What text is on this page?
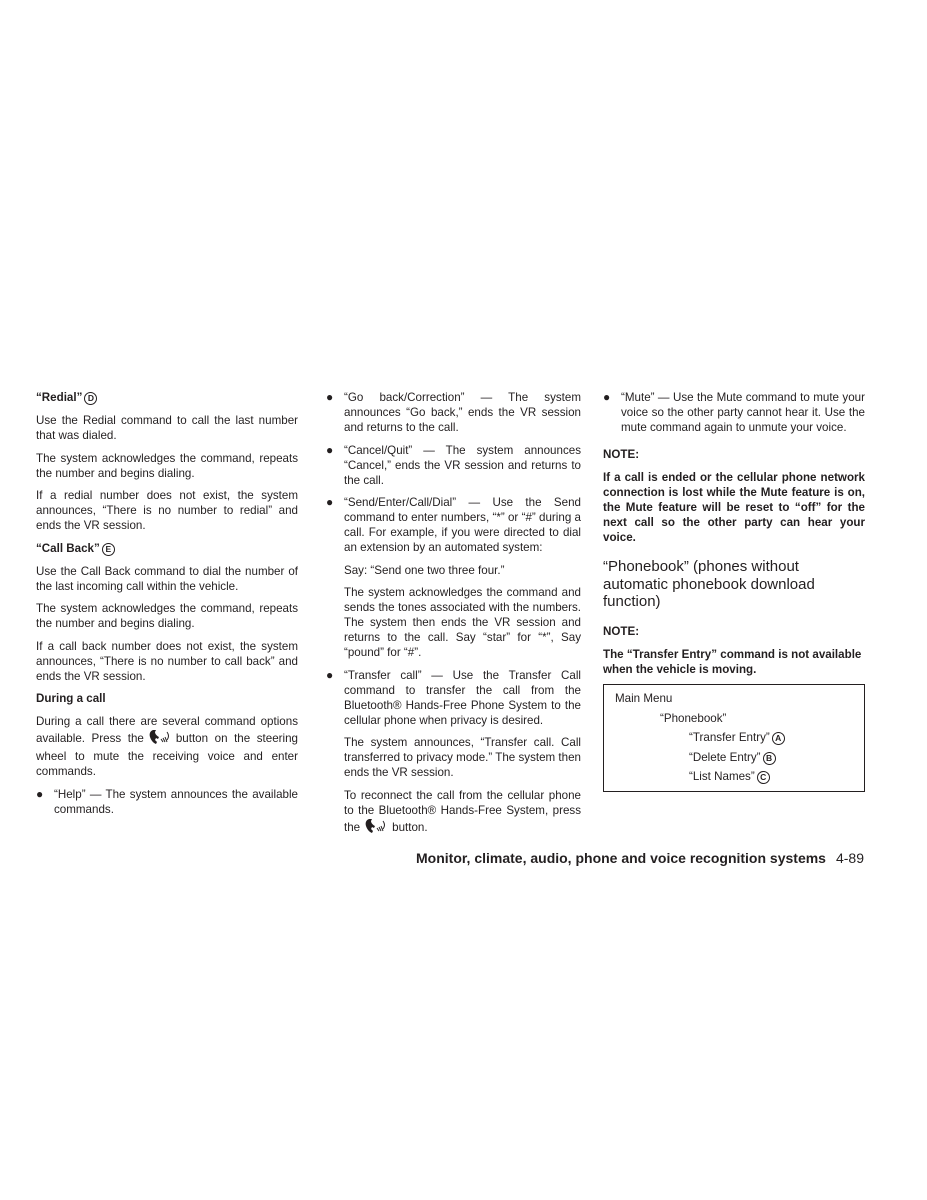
“Redial” D

Use the Redial command to call the last number that was dialed.

The system acknowledges the command, repeats the number and begins dialing.

If a redial number does not exist, the system announces, “There is no number to redial” and ends the VR session.

“Call Back” E

Use the Call Back command to dial the number of the last incoming call within the vehicle.

The system acknowledges the command, repeats the number and begins dialing.

If a call back number does not exist, the system announces, “There is no number to call back” and ends the VR session.

During a call

During a call there are several command options available. Press the	button on the steering wheel to mute the receiving voice and enter commands.

● “Help” — The system announces the available commands.
● “Go back/Correction” — The system announces “Go back,” ends the VR session and returns to the call.
● “Cancel/Quit” — The system announces “Cancel,” ends the VR session and returns to the call.
● “Send/Enter/Call/Dial” — Use the Send command to enter numbers, “*” or “#” during a call. For example, if you were directed to dial an extension by an automated system:

Say: “Send one two three four.”

The system acknowledges the command and sends the tones associated with the numbers. The system then ends the VR session and returns to the call. Say “star” for “*”, Say “pound” for “#”.

● “Transfer call” — Use the Transfer Call command to transfer the call from the Bluetooth® Hands-Free Phone System to the cellular phone when privacy is desired.

The system announces, “Transfer call. Call transferred to privacy mode.” The system then ends the VR session.

To reconnect the call from the cellular phone to the Bluetooth® Hands-Free System, press the	button.

● “Mute” — Use the Mute command to mute your voice so the other party cannot hear it. Use the mute command again to unmute your voice.
NOTE:

If a call is ended or the cellular phone network connection is lost while the Mute feature is on, the Mute feature will be reset to “off” for the next call so the other party can hear your voice.

“Phonebook” (phones without automatic phonebook download function)
NOTE:

The “Transfer Entry” command is not available when the vehicle is moving.

Main Menu
“Phonebook”
“Transfer Entry” A
“Delete Entry” B
“List Names” C
Monitor, climate, audio, phone and voice recognition systems 4-89
